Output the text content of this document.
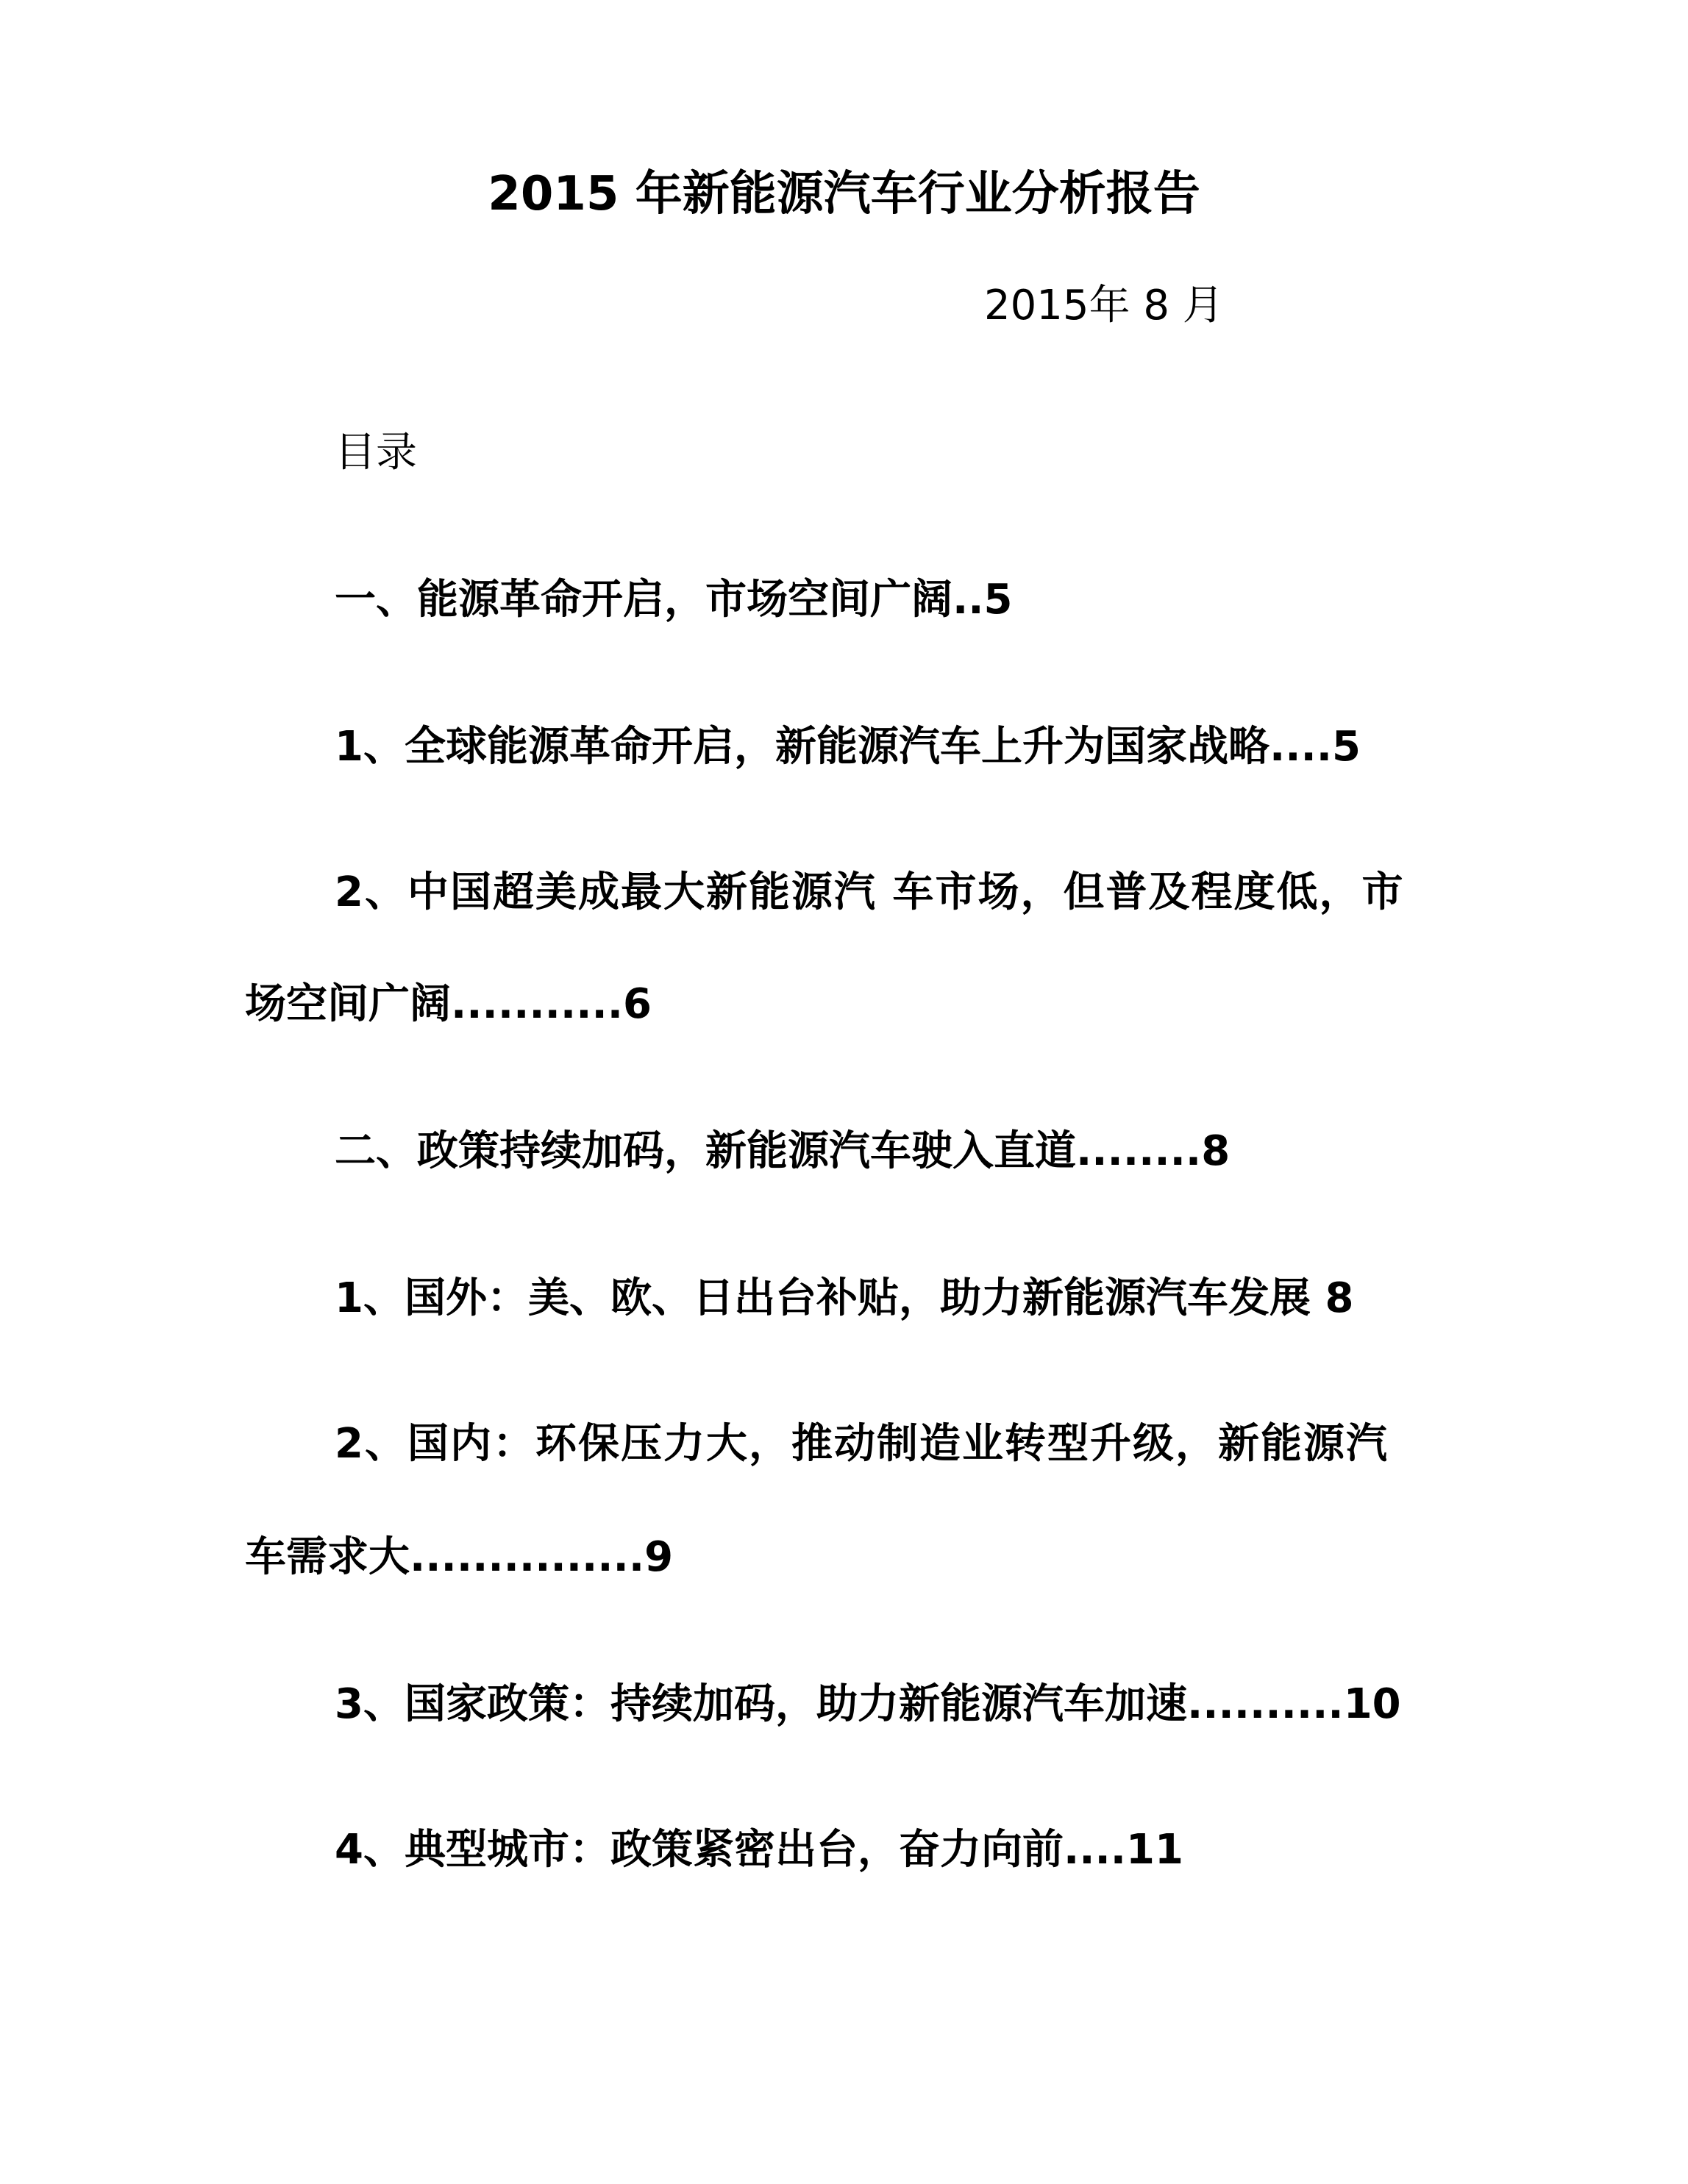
2015 年新能源汽车行业分析报告
2015年 8 月
目录
一、能源革命开启，市场空间广阔..5
1、全球能源革命开启，新能源汽车上升为国家战略....5
2、中国超美成最大新能源汽 车市场，但普及程度低，市
场空间广阔...........6
二、政策持续加码，新能源汽车驶入直道........8
1、国外：美、欧、日出台补贴，助力新能源汽车发展 8
2、国内：环保压力大，推动制造业转型升级，新能源汽
车需求大...............9
3、国家政策：持续加码，助力新能源汽车加速..........10
4、典型城市：政策紧密出台，奋力向前....11
